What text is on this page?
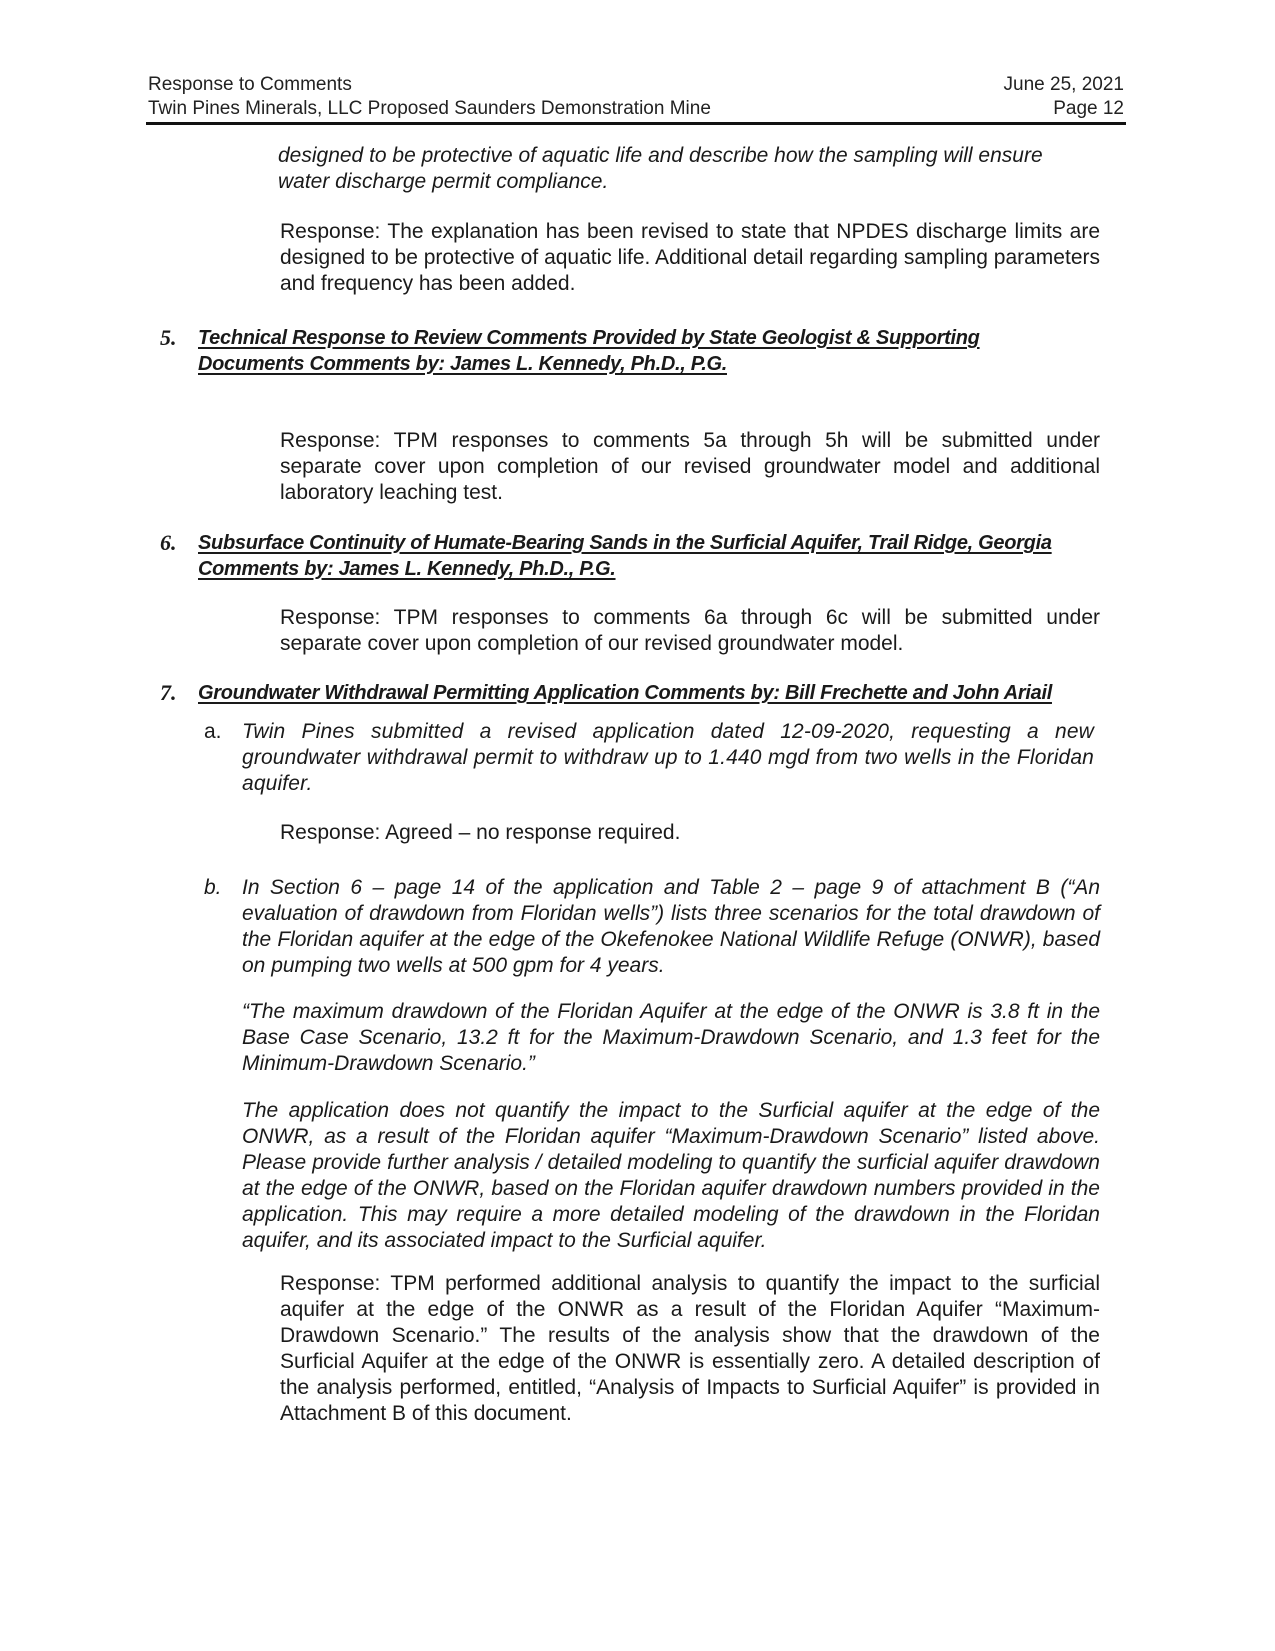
Response to Comments	June 25, 2021
Twin Pines Minerals, LLC Proposed Saunders Demonstration Mine	Page 12

designed to be protective of aquatic life and describe how the sampling will ensure water discharge permit compliance.

Response: The explanation has been revised to state that NPDES discharge limits are designed to be protective of aquatic life. Additional detail regarding sampling parameters and frequency has been added.

5. Technical Response to Review Comments Provided by State Geologist & Supporting Documents Comments by: James L. Kennedy, Ph.D., P.G.

Response: TPM responses to comments 5a through 5h will be submitted under separate cover upon completion of our revised groundwater model and additional laboratory leaching test.

6. Subsurface Continuity of Humate-Bearing Sands in the Surficial Aquifer, Trail Ridge, Georgia Comments by: James L. Kennedy, Ph.D., P.G.

Response: TPM responses to comments 6a through 6c will be submitted under separate cover upon completion of our revised groundwater model.

7. Groundwater Withdrawal Permitting Application Comments by: Bill Frechette and John Ariail
a. Twin Pines submitted a revised application dated 12-09-2020, requesting a new groundwater withdrawal permit to withdraw up to 1.440 mgd from two wells in the Floridan aquifer.

Response: Agreed – no response required.

b. In Section 6 – page 14 of the application and Table 2 – page 9 of attachment B (“An evaluation of drawdown from Floridan wells”) lists three scenarios for the total drawdown of the Floridan aquifer at the edge of the Okefenokee National Wildlife Refuge (ONWR), based on pumping two wells at 500 gpm for 4 years.

“The maximum drawdown of the Floridan Aquifer at the edge of the ONWR is 3.8 ft in the Base Case Scenario, 13.2 ft for the Maximum-Drawdown Scenario, and 1.3 feet for the Minimum-Drawdown Scenario.”

The application does not quantify the impact to the Surficial aquifer at the edge of the ONWR, as a result of the Floridan aquifer “Maximum-Drawdown Scenario” listed above. Please provide further analysis / detailed modeling to quantify the surficial aquifer drawdown at the edge of the ONWR, based on the Floridan aquifer drawdown numbers provided in the application. This may require a more detailed modeling of the drawdown in the Floridan aquifer, and its associated impact to the Surficial aquifer.

Response: TPM performed additional analysis to quantify the impact to the surficial aquifer at the edge of the ONWR as a result of the Floridan Aquifer “Maximum-Drawdown Scenario.” The results of the analysis show that the drawdown of the Surficial Aquifer at the edge of the ONWR is essentially zero. A detailed description of the analysis performed, entitled, “Analysis of Impacts to Surficial Aquifer” is provided in Attachment B of this document.
